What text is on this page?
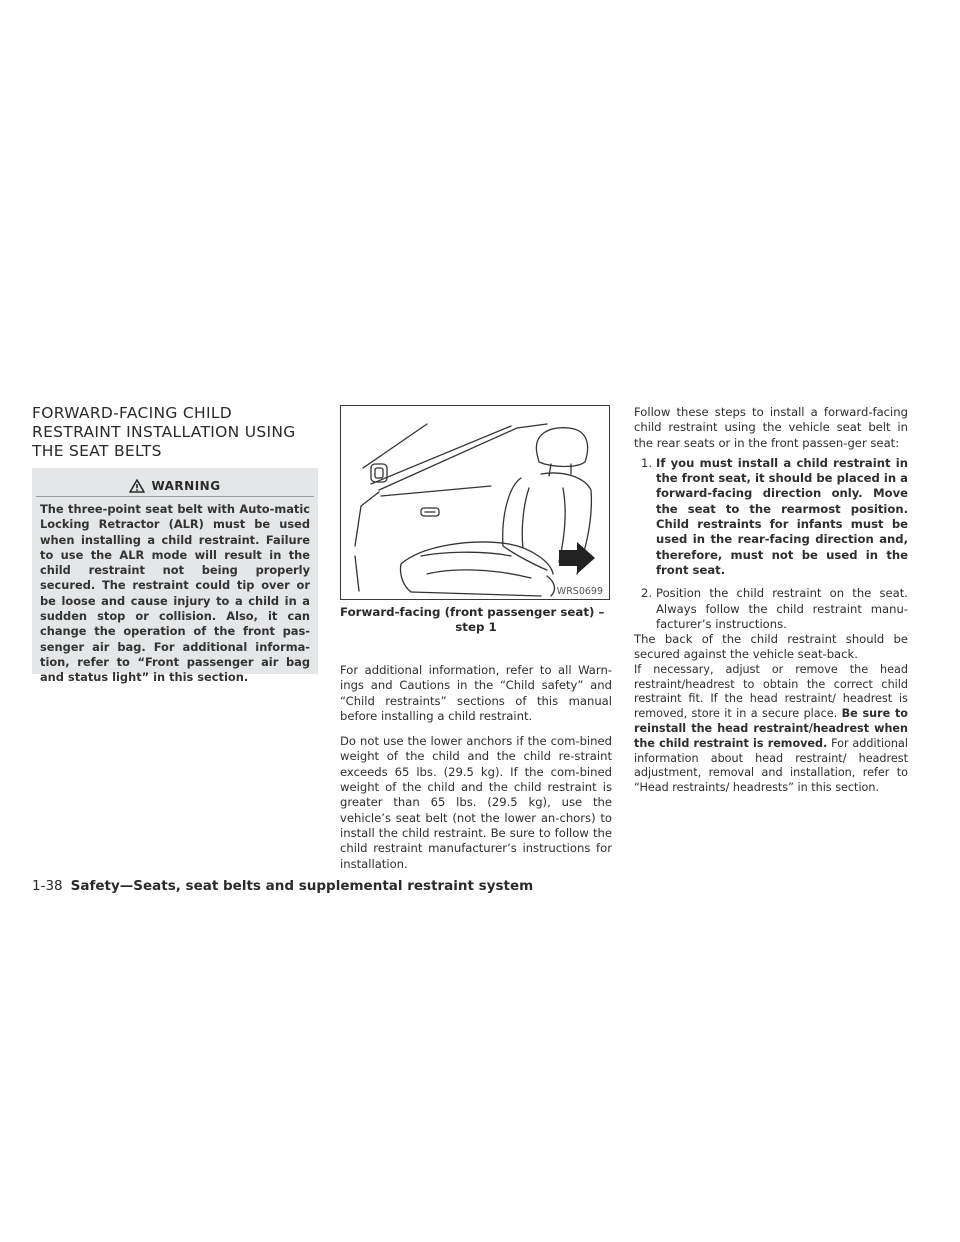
FORWARD-FACING CHILD
RESTRAINT INSTALLATION USING
THE SEAT BELTS
WARNING
The three-point seat belt with Auto-matic Locking Retractor (ALR) must be used when installing a child restraint. Failure to use the ALR mode will result in the child restraint not being properly secured. The restraint could tip over or be loose and cause injury to a child in a sudden stop or collision. Also, it can change the operation of the front pas-senger air bag. For additional informa-tion, refer to “Front passenger air bag and status light” in this section.
WRS0699
Forward-facing (front passenger seat) –
step 1

For additional information, refer to all Warn-ings and Cautions in the “Child safety” and “Child restraints” sections of this manual before installing a child restraint.

Do not use the lower anchors if the com-bined weight of the child and the child re-straint exceeds 65 lbs. (29.5 kg). If the com-bined weight of the child and the child restraint is greater than 65 lbs. (29.5 kg), use the vehicle’s seat belt (not the lower an-chors) to install the child restraint. Be sure to follow the child restraint manufacturer’s instructions for installation.

Follow these steps to install a forward-facing child restraint using the vehicle seat belt in the rear seats or in the front passen-ger seat:

1. If you must install a child restraint in the front seat, it should be placed in a forward-facing direction only. Move the seat to the rearmost position. Child restraints for infants must be used in the rear-facing direction and, therefore, must not be used in the front seat.
2. Position the child restraint on the seat. Always follow the child restraint manu-facturer’s instructions.

The back of the child restraint should be secured against the vehicle seat-back.

If necessary, adjust or remove the head restraint/headrest to obtain the correct child restraint fit. If the head restraint/ headrest is removed, store it in a secure place. Be sure to reinstall the head restraint/headrest when the child restraint is removed. For additional information about head restraint/ headrest adjustment, removal and installation, refer to “Head restraints/ headrests” in this section.

1-38 Safety—Seats, seat belts and supplemental restraint system
